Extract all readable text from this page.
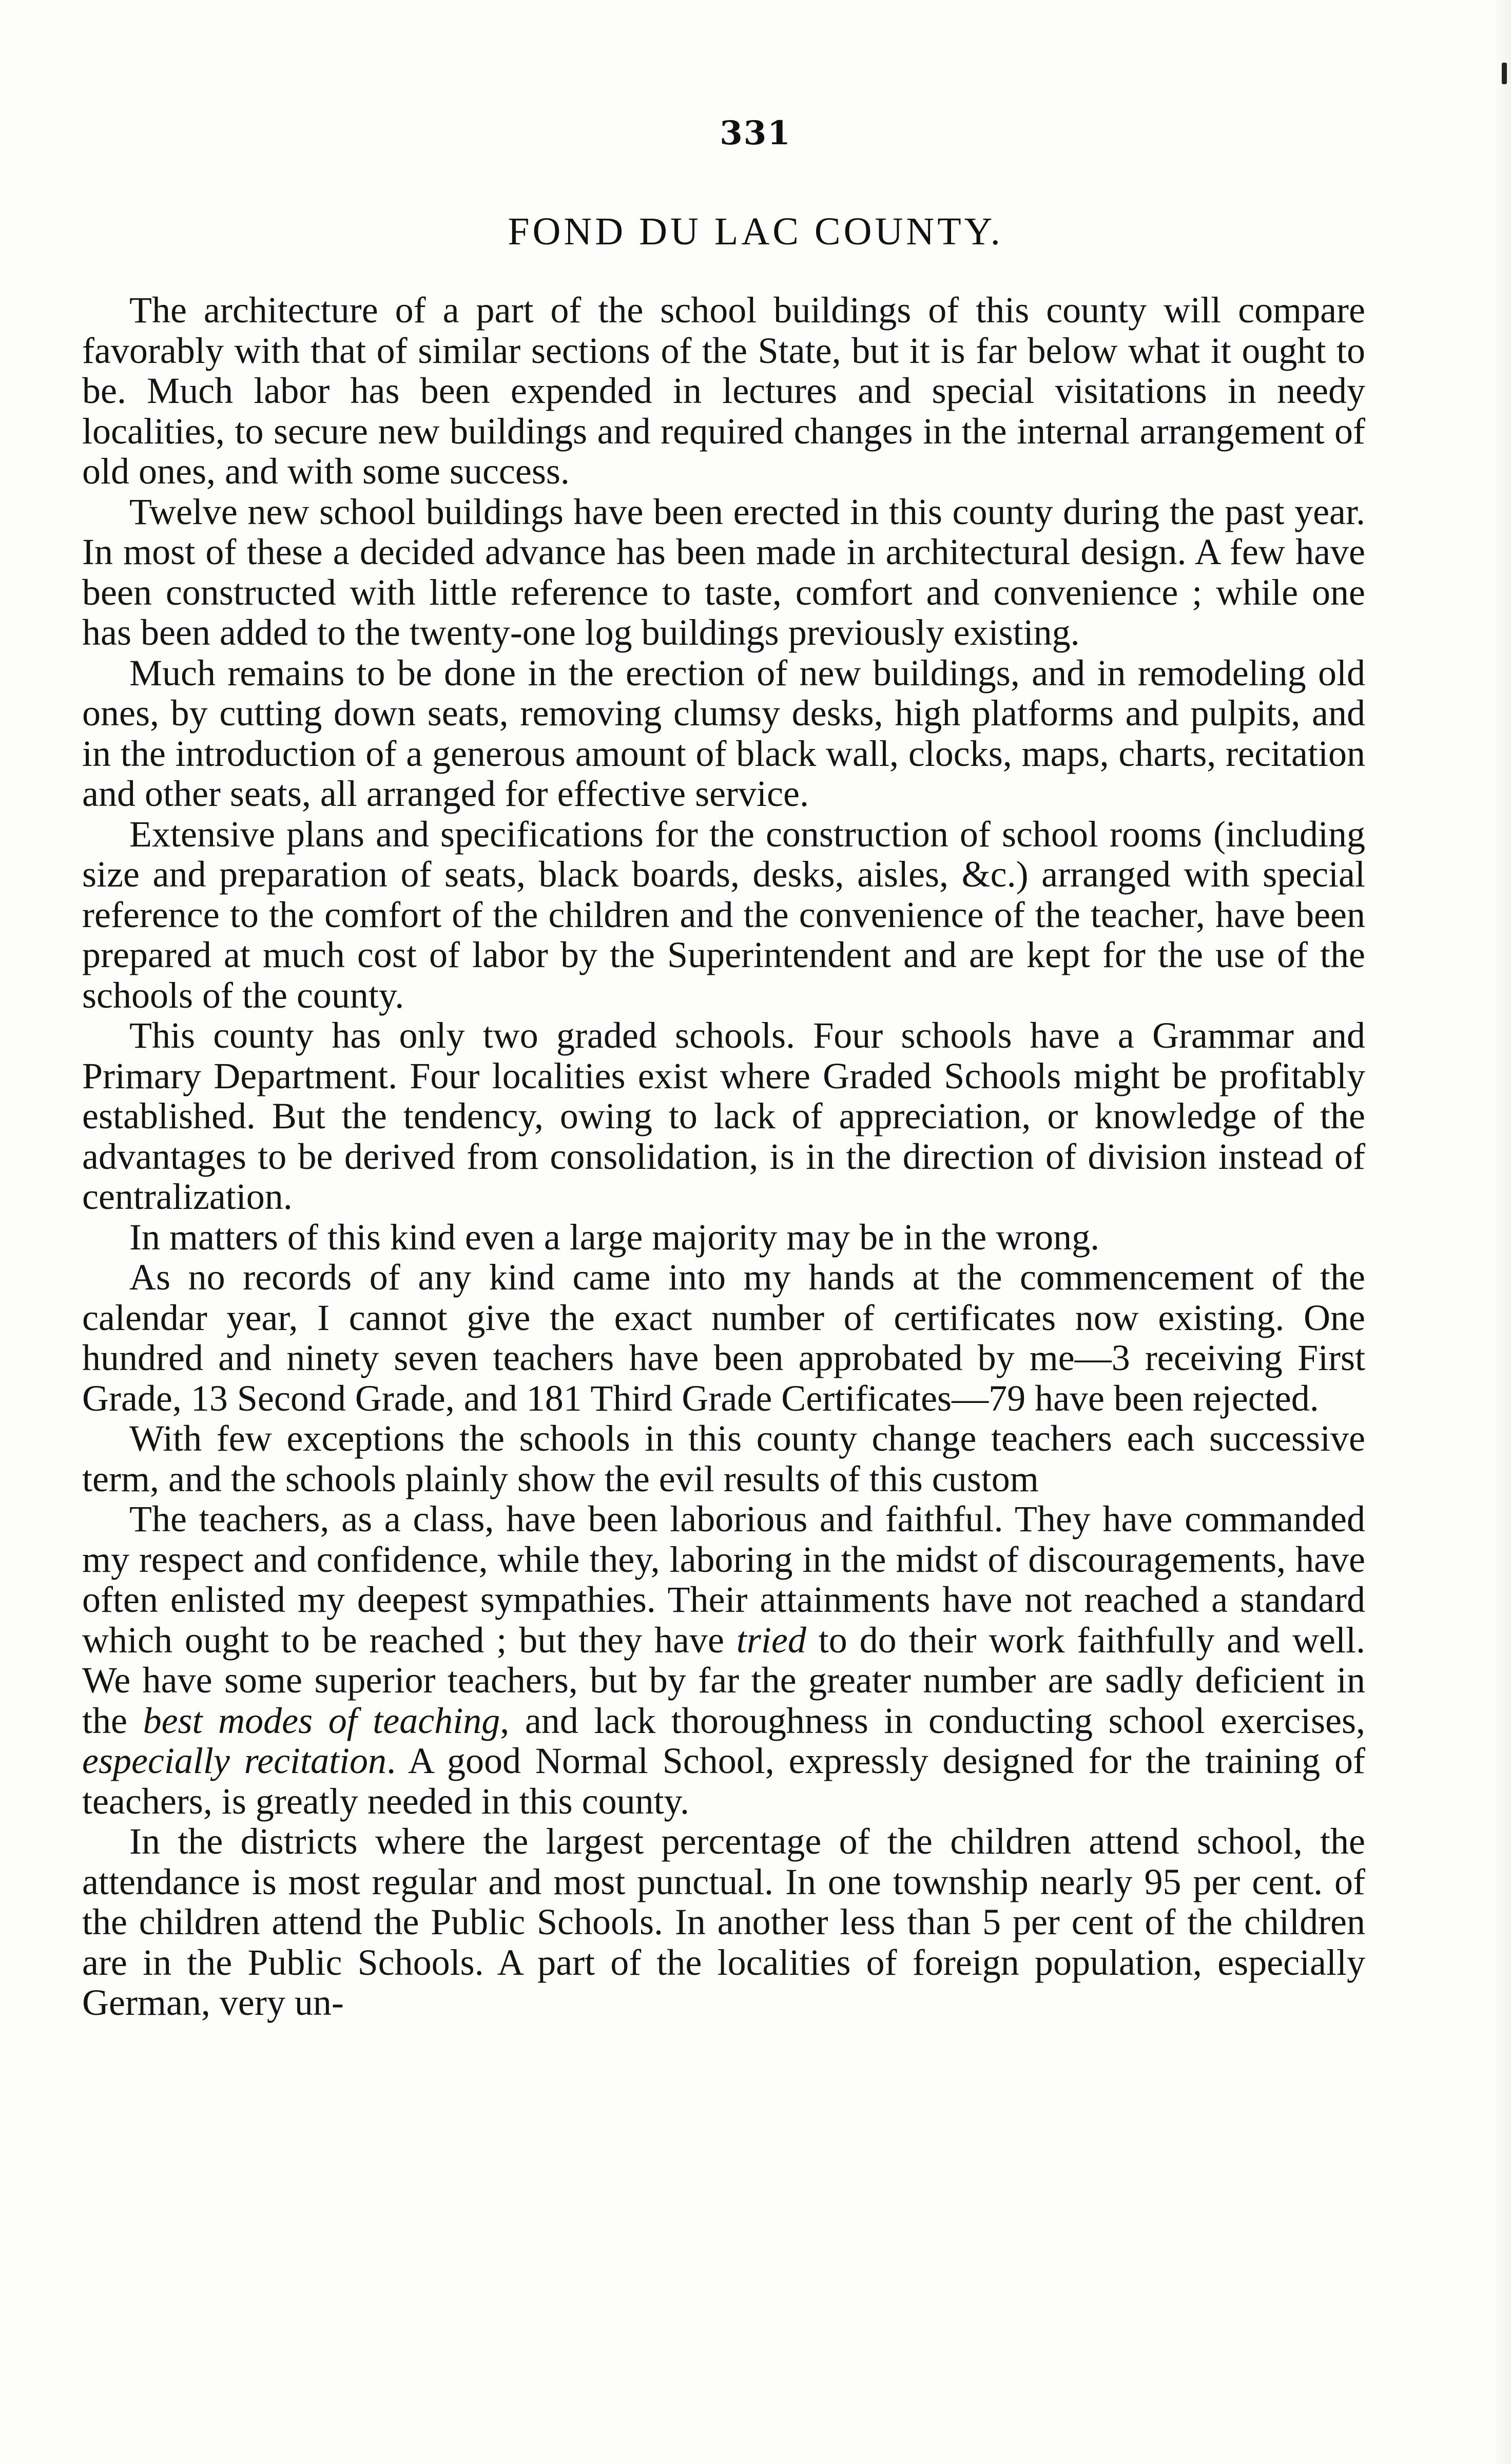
331
FOND DU LAC COUNTY.

The architecture of a part of the school buildings of this county will compare favorably with that of similar sections of the State, but it is far below what it ought to be. Much labor has been expended in lectures and special visitations in needy localities, to secure new buildings and required changes in the internal arrangement of old ones, and with some success.

Twelve new school buildings have been erected in this county during the past year. In most of these a decided advance has been made in architectural design. A few have been constructed with little reference to taste, comfort and convenience ; while one has been added to the twenty-one log buildings previously existing.

Much remains to be done in the erection of new buildings, and in remodeling old ones, by cutting down seats, removing clumsy desks, high platforms and pulpits, and in the introduction of a generous amount of black wall, clocks, maps, charts, recitation and other seats, all arranged for effective service.

Extensive plans and specifications for the construction of school rooms (including size and preparation of seats, black boards, desks, aisles, &c.) arranged with special reference to the comfort of the children and the convenience of the teacher, have been prepared at much cost of labor by the Superintendent and are kept for the use of the schools of the county.

This county has only two graded schools. Four schools have a Grammar and Primary Department. Four localities exist where Graded Schools might be profitably established. But the tendency, owing to lack of appreciation, or knowledge of the advantages to be derived from consolidation, is in the direction of division instead of centralization.

In matters of this kind even a large majority may be in the wrong.

As no records of any kind came into my hands at the commencement of the calendar year, I cannot give the exact number of certificates now existing. One hundred and ninety seven teachers have been approbated by me—3 receiving First Grade, 13 Second Grade, and 181 Third Grade Certificates—79 have been rejected.

With few exceptions the schools in this county change teachers each successive term, and the schools plainly show the evil results of this custom

The teachers, as a class, have been laborious and faithful. They have commanded my respect and confidence, while they, laboring in the midst of discouragements, have often enlisted my deepest sympathies. Their attainments have not reached a standard which ought to be reached ; but they have tried to do their work faithfully and well. We have some superior teachers, but by far the greater number are sadly deficient in the best modes of teaching, and lack thoroughness in conducting school exercises, especially recitation. A good Normal School, expressly designed for the training of teachers, is greatly needed in this county.

In the districts where the largest percentage of the children attend school, the attendance is most regular and most punctual. In one township nearly 95 per cent. of the children attend the Public Schools. In another less than 5 per cent of the children are in the Public Schools. A part of the localities of foreign population, especially German, very un-
